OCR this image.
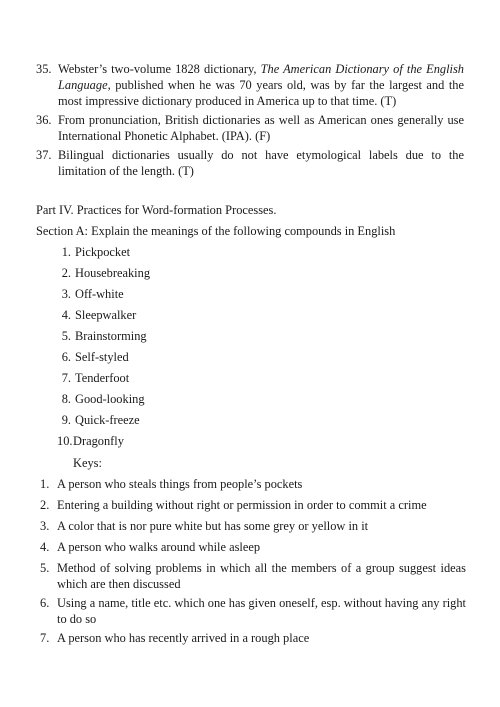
35. Webster’s two-volume 1828 dictionary, The American Dictionary of the English Language, published when he was 70 years old, was by far the largest and the most impressive dictionary produced in America up to that time. (T)
36. From pronunciation, British dictionaries as well as American ones generally use International Phonetic Alphabet. (IPA). (F)
37. Bilingual dictionaries usually do not have etymological labels due to the limitation of the length. (T)
Part IV. Practices for Word-formation Processes.
Section A: Explain the meanings of the following compounds in English
1. Pickpocket
2. Housebreaking
3. Off-white
4. Sleepwalker
5. Brainstorming
6. Self-styled
7. Tenderfoot
8. Good-looking
9. Quick-freeze
10.Dragonfly
Keys:
1. A person who steals things from people’s pockets
2. Entering a building without right or permission in order to commit a crime
3. A color that is nor pure white but has some grey or yellow in it
4. A person who walks around while asleep
5. Method of solving problems in which all the members of a group suggest ideas which are then discussed
6. Using a name, title etc. which one has given oneself, esp. without having any right to do so
7. A person who has recently arrived in a rough place
